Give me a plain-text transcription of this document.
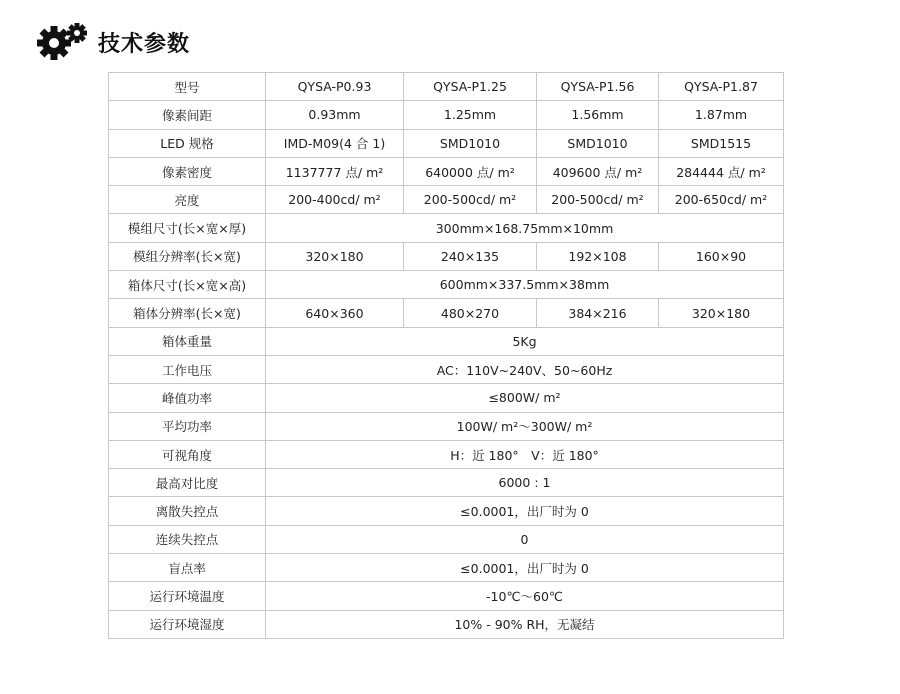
技术参数
型号	QYSA-P0.93	QYSA-P1.25	QYSA-P1.56	QYSA-P1.87
像素间距	0.93mm	1.25mm	1.56mm	1.87mm
LED 规格	IMD-M09(4 合 1)	SMD1010	SMD1010	SMD1515
像素密度	1137777 点/ m²	640000 点/ m²	409600 点/ m²	284444 点/ m²
亮度	200-400cd/ m²	200-500cd/ m²	200-500cd/ m²	200-650cd/ m²
模组尺寸(长×宽×厚)	300mm×168.75mm×10mm			
模组分辨率(长×宽)	320×180	240×135	192×108	160×90
箱体尺寸(长×宽×高)	600mm×337.5mm×38mm			
箱体分辨率(长×宽)	640×360	480×270	384×216	320×180
箱体重量	5Kg			
工作电压	AC：110V~240V、50~60Hz			
峰值功率	≤800W/ m²			
平均功率	100W/ m²～300W/ m²			
可视角度	H：近 180°　V：近 180°			
最高对比度	6000 : 1			
离散失控点	≤0.0001，出厂时为 0			
连续失控点	0			
盲点率	≤0.0001，出厂时为 0			
运行环境温度	-10℃～60℃			
运行环境湿度	10% - 90% RH，无凝结			
